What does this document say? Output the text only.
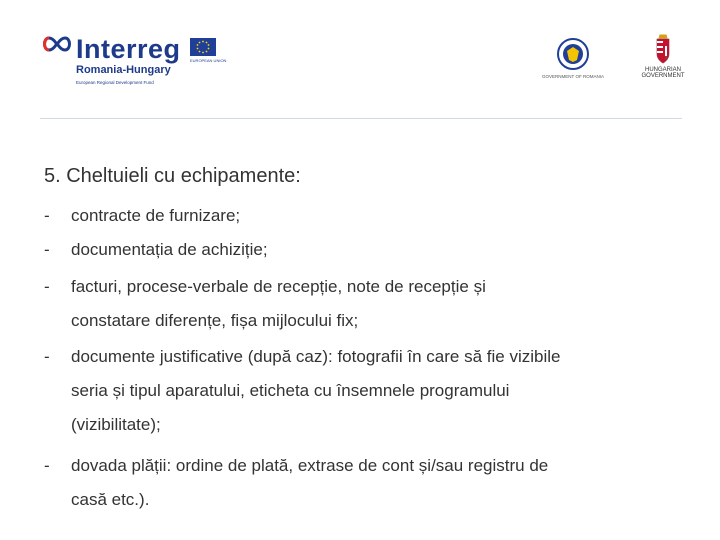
Interreg EUROPEAN UNION
Romania-Hungary
European Regional Development Fund
GOVERNMENT OF ROMANIA
HUNGARIAN
GOVERNMENT
5. Cheltuieli cu echipamente:
-	contracte de furnizare;
-	documentația de achiziție;
-	facturi, procese-verbale de recepție, note de recepție și
constatare diferențe, fișa mijlocului fix;
-	documente justificative (după caz): fotografii în care să fie vizibile
seria și tipul aparatului, eticheta cu însemnele programului
(vizibilitate);
-	dovada plății: ordine de plată, extrase de cont și/sau registru de
casă etc.).
